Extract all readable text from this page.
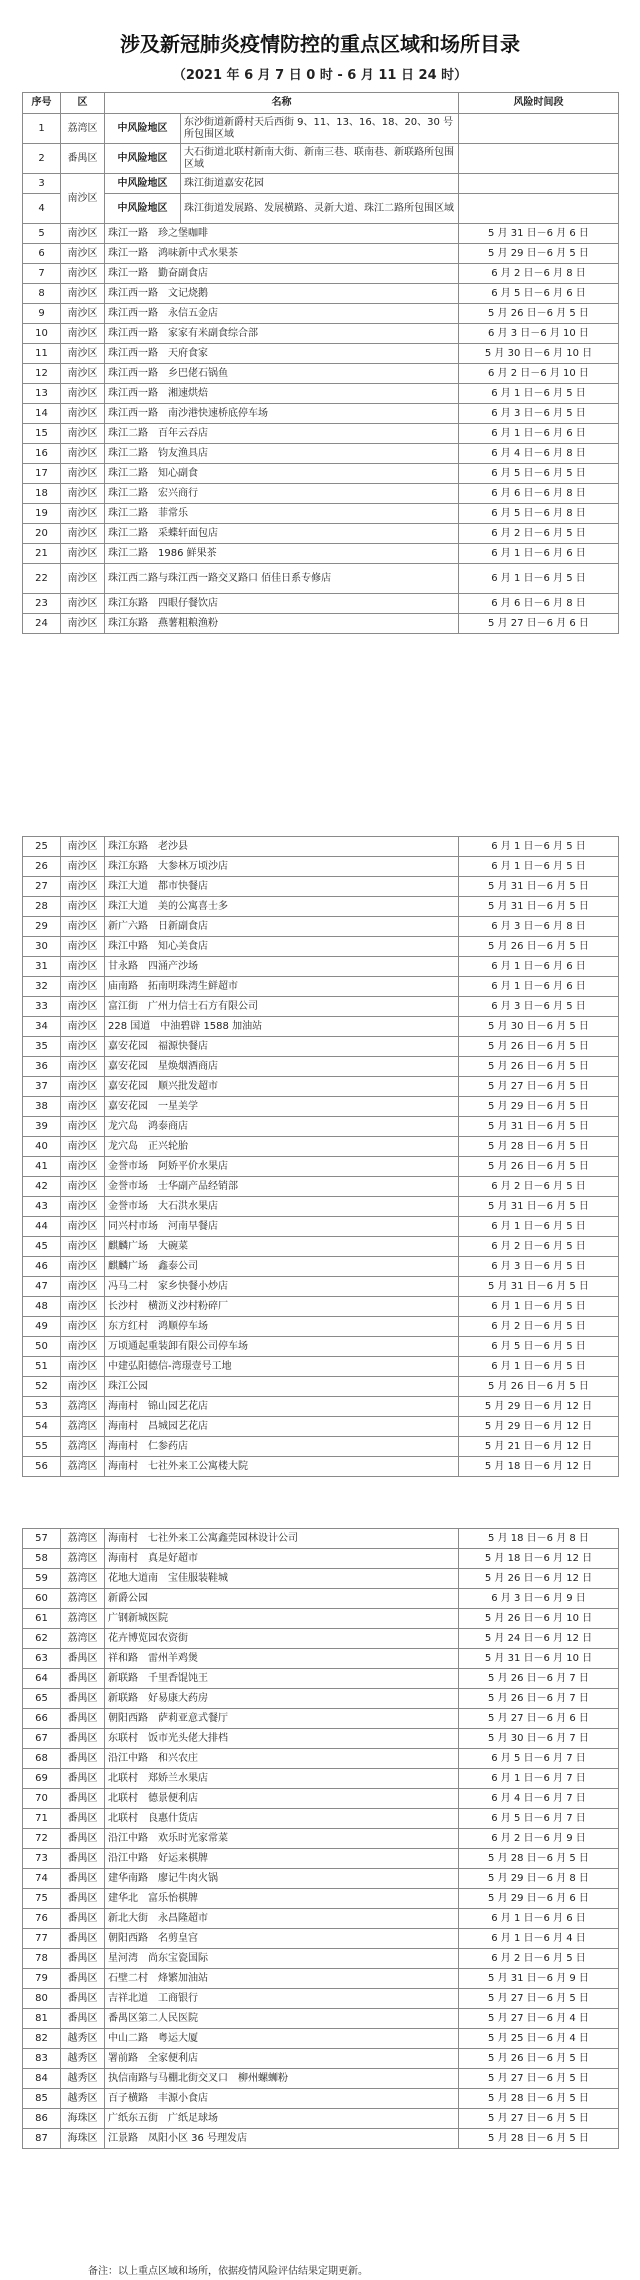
涉及新冠肺炎疫情防控的重点区域和场所目录
（2021 年 6 月 7 日 0 时 - 6 月 11 日 24 时）
序号	区	名称		风险时间段
1	荔湾区	中风险地区	东沙街道新爵村天后西街 9、11、13、16、18、20、30 号所包围区域	
2	番禺区	中风险地区	大石街道北联村新南大街、新南三巷、联南巷、新联路所包围区域	
3	南沙区	中风险地区	珠江街道嘉安花园	
4		中风险地区	珠江街道发展路、发展横路、灵新大道、珠江二路所包围区域	
5	南沙区	珠江一路　珍之堡咖啡		5 月 31 日－6 月 6 日
6	南沙区	珠江一路　鸿味新中式水果茶		5 月 29 日－6 月 5 日
7	南沙区	珠江一路　勤奋副食店		6 月 2 日－6 月 8 日
8	南沙区	珠江西一路　文记烧鹅		6 月 5 日－6 月 6 日
9	南沙区	珠江西一路　永信五金店		5 月 26 日－6 月 5 日
10	南沙区	珠江西一路　家家有米副食综合部		6 月 3 日－6 月 10 日
11	南沙区	珠江西一路　天府食家		5 月 30 日－6 月 10 日
12	南沙区	珠江西一路　乡巴佬石锅鱼		6 月 2 日－6 月 10 日
13	南沙区	珠江西一路　湘速烘焙		6 月 1 日－6 月 5 日
14	南沙区	珠江西一路　南沙港快速桥底停车场		6 月 3 日－6 月 5 日
15	南沙区	珠江二路　百年云吞店		6 月 1 日－6 月 6 日
16	南沙区	珠江二路　钧友渔具店		6 月 4 日－6 月 8 日
17	南沙区	珠江二路　知心副食		6 月 5 日－6 月 5 日
18	南沙区	珠江二路　宏兴商行		6 月 6 日－6 月 8 日
19	南沙区	珠江二路　菲常乐		6 月 5 日－6 月 8 日
20	南沙区	珠江二路　采蝶轩面包店		6 月 2 日－6 月 5 日
21	南沙区	珠江二路　1986 鲜果茶		6 月 1 日－6 月 6 日
22	南沙区	珠江西二路与珠江西一路交叉路口 佰佳日系专修店		6 月 1 日－6 月 5 日
23	南沙区	珠江东路　四眼仔餐饮店		6 月 6 日－6 月 8 日
24	南沙区	珠江东路　燕薯粗粮渔粉		5 月 27 日－6 月 6 日
25	南沙区	珠江东路　老沙县	6 月 1 日－6 月 5 日
26	南沙区	珠江东路　大参林万顷沙店	6 月 1 日－6 月 5 日
27	南沙区	珠江大道　都市快餐店	5 月 31 日－6 月 5 日
28	南沙区	珠江大道　美的公寓喜士多	5 月 31 日－6 月 5 日
29	南沙区	新广六路　日新副食店	6 月 3 日－6 月 8 日
30	南沙区	珠江中路　知心美食店	5 月 26 日－6 月 5 日
31	南沙区	甘永路　四涌产沙场	6 月 1 日－6 月 6 日
32	南沙区	庙南路　拓南明珠湾生鲜超市	6 月 1 日－6 月 6 日
33	南沙区	富江街　广州力信士石方有限公司	6 月 3 日－6 月 5 日
34	南沙区	228 国道　中油碧辟 1588 加油站	5 月 30 日－6 月 5 日
35	南沙区	嘉安花园　福源快餐店	5 月 26 日－6 月 5 日
36	南沙区	嘉安花园　星焕烟酒商店	5 月 26 日－6 月 5 日
37	南沙区	嘉安花园　顺兴批发超市	5 月 27 日－6 月 5 日
38	南沙区	嘉安花园　一星美学	5 月 29 日－6 月 5 日
39	南沙区	龙穴岛　鸿泰商店	5 月 31 日－6 月 5 日
40	南沙区	龙穴岛　正兴轮胎	5 月 28 日－6 月 5 日
41	南沙区	金誉市场　阿娇平价水果店	5 月 26 日－6 月 5 日
42	南沙区	金誉市场　士华副产品经销部	6 月 2 日－6 月 5 日
43	南沙区	金誉市场　大石洪水果店	5 月 31 日－6 月 5 日
44	南沙区	同兴村市场　河南早餐店	6 月 1 日－6 月 5 日
45	南沙区	麒麟广场　大碗菜	6 月 2 日－6 月 5 日
46	南沙区	麒麟广场　鑫泰公司	6 月 3 日－6 月 5 日
47	南沙区	冯马二村　家乡快餐小炒店	5 月 31 日－6 月 5 日
48	南沙区	长沙村　横沥义沙村粉碎厂	6 月 1 日－6 月 5 日
49	南沙区	东方红村　鸿顺停车场	6 月 2 日－6 月 5 日
50	南沙区	万顷通起重装卸有限公司停车场	6 月 5 日－6 月 5 日
51	南沙区	中建弘阳德信-湾璟壹号工地	6 月 1 日－6 月 5 日
52	南沙区	珠江公园	5 月 26 日－6 月 5 日
53	荔湾区	海南村　锦山园艺花店	5 月 29 日－6 月 12 日
54	荔湾区	海南村　昌城园艺花店	5 月 29 日－6 月 12 日
55	荔湾区	海南村　仁参药店	5 月 21 日－6 月 12 日
56	荔湾区	海南村　七社外来工公寓楼大院	5 月 18 日－6 月 12 日
57	荔湾区	海南村　七社外来工公寓鑫莞园林设计公司	5 月 18 日－6 月 8 日
58	荔湾区	海南村　真是好超市	5 月 18 日－6 月 12 日
59	荔湾区	花地大道南　宝佳服装鞋城	5 月 26 日－6 月 12 日
60	荔湾区	新爵公园	6 月 3 日－6 月 9 日
61	荔湾区	广钢新城医院	5 月 26 日－6 月 10 日
62	荔湾区	花卉博览园农资街	5 月 24 日－6 月 12 日
63	番禺区	祥和路　雷州羊鸡煲	5 月 31 日－6 月 10 日
64	番禺区	新联路　千里香馄饨王	5 月 26 日－6 月 7 日
65	番禺区	新联路　好易康大药房	5 月 26 日－6 月 7 日
66	番禺区	朝阳西路　萨莉亚意式餐厅	5 月 27 日－6 月 6 日
67	番禺区	东联村　饭市光头佬大排档	5 月 30 日－6 月 7 日
68	番禺区	沿江中路　和兴农庄	6 月 5 日－6 月 7 日
69	番禺区	北联村　郑娇兰水果店	6 月 1 日－6 月 7 日
70	番禺区	北联村　德景便利店	6 月 4 日－6 月 7 日
71	番禺区	北联村　良惠什货店	6 月 5 日－6 月 7 日
72	番禺区	沿江中路　欢乐时光家常菜	6 月 2 日－6 月 9 日
73	番禺区	沿江中路　好运来棋牌	5 月 28 日－6 月 5 日
74	番禺区	建华南路　廖记牛肉火锅	5 月 29 日－6 月 8 日
75	番禺区	建华北　富乐怡棋牌	5 月 29 日－6 月 6 日
76	番禺区	新北大街　永昌隆超市	6 月 1 日－6 月 6 日
77	番禺区	朝阳西路　名剪皇宫	6 月 1 日－6 月 4 日
78	番禺区	星河湾　尚东宝瓷国际	6 月 2 日－6 月 5 日
79	番禺区	石壁二村　烽繁加油站	5 月 31 日－6 月 9 日
80	番禺区	吉祥北道　工商银行	5 月 27 日－6 月 5 日
81	番禺区	番禺区第二人民医院	5 月 27 日－6 月 4 日
82	越秀区	中山二路　粤运大厦	5 月 25 日－6 月 4 日
83	越秀区	署前路　全家便利店	5 月 26 日－6 月 5 日
84	越秀区	执信南路与马棚北街交叉口　柳州螺蛳粉	5 月 27 日－6 月 5 日
85	越秀区	百子横路　丰源小食店	5 月 28 日－6 月 5 日
86	海珠区	广纸东五街　广纸足球场	5 月 27 日－6 月 5 日
87	海珠区	江景路　凤阳小区 36 号理发店	5 月 28 日－6 月 5 日
备注：以上重点区域和场所，依据疫情风险评估结果定期更新。
